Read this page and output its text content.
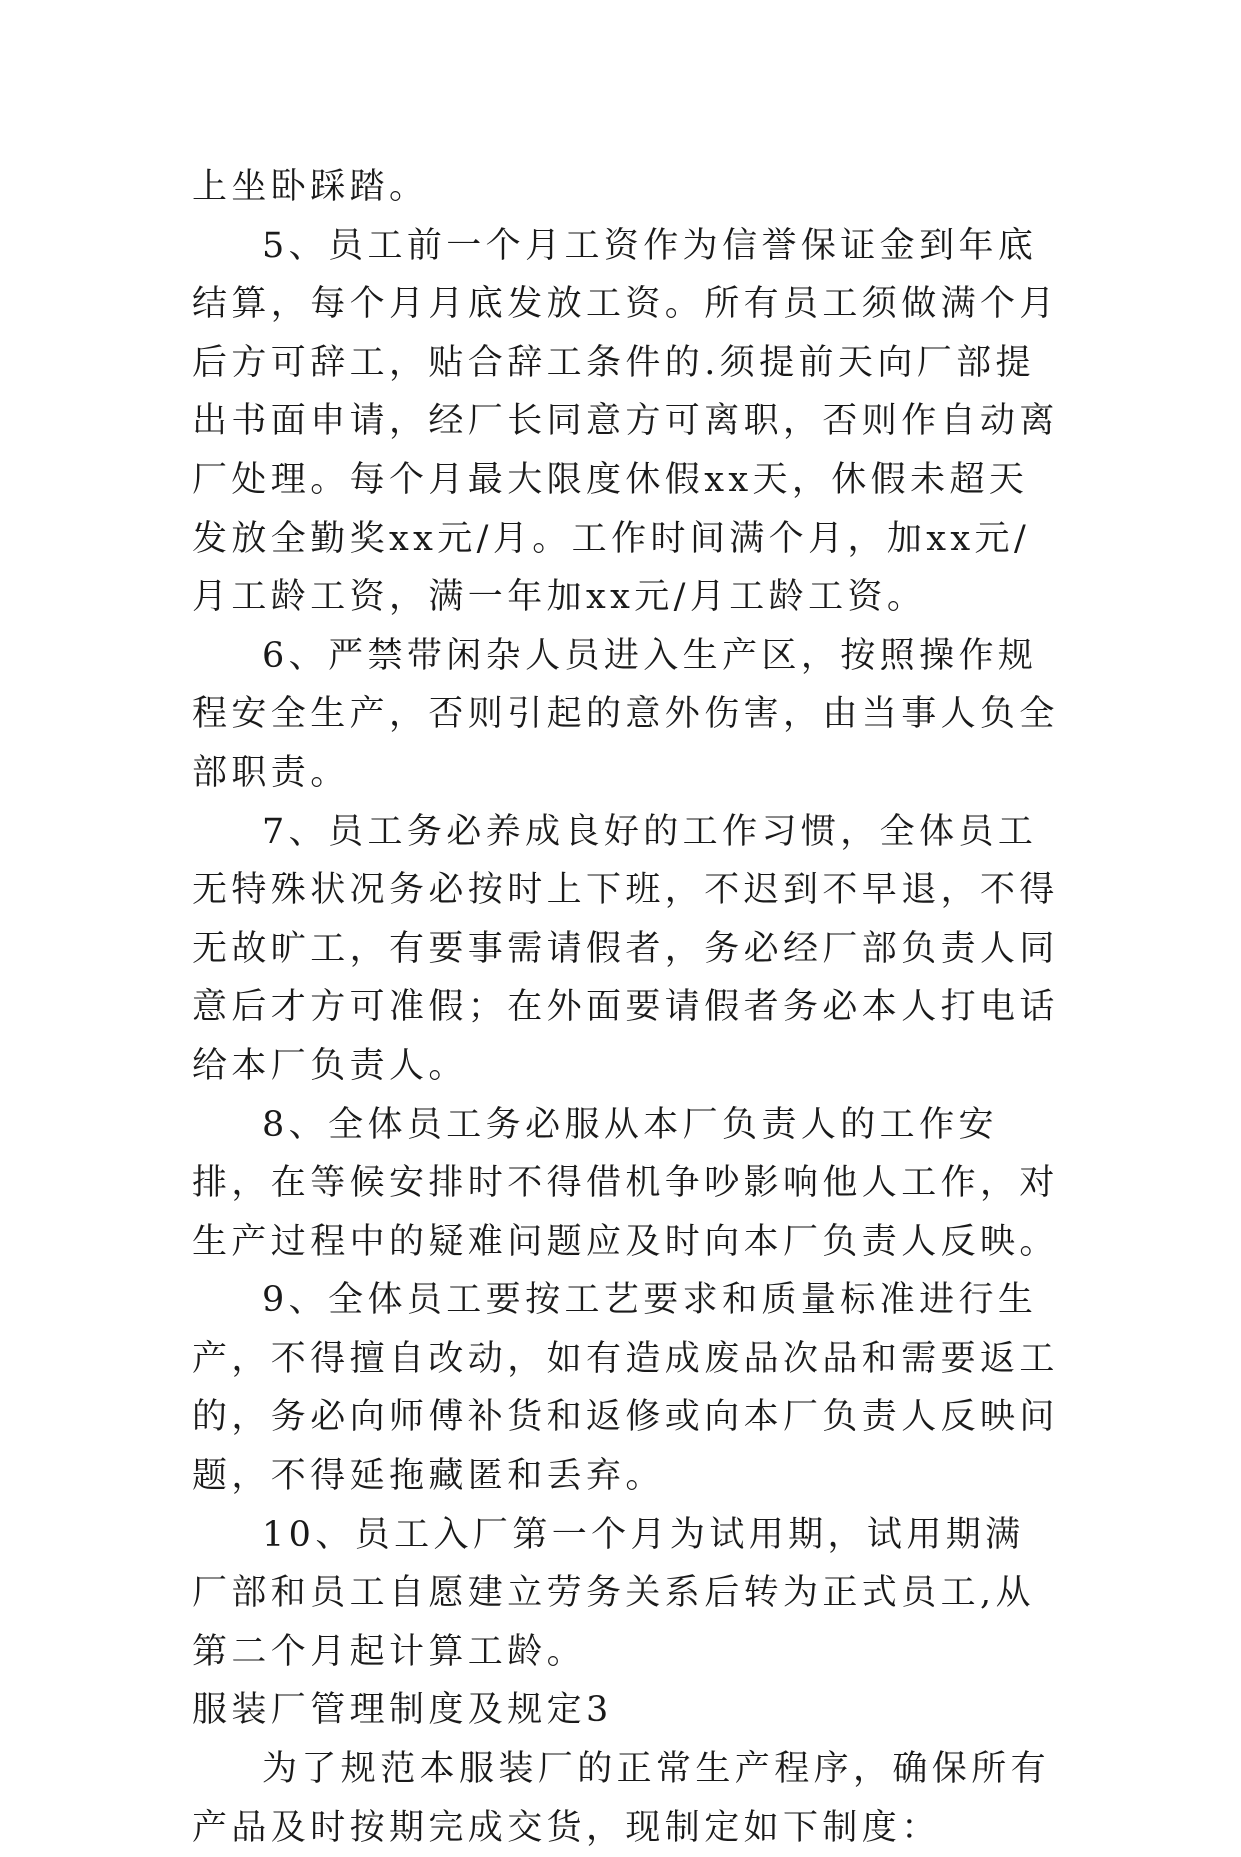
上坐卧踩踏。

5、员工前一个月工资作为信誉保证金到年底结算，每个月月底发放工资。所有员工须做满个月后方可辞工，贴合辞工条件的.须提前天向厂部提出书面申请，经厂长同意方可离职，否则作自动离厂处理。每个月最大限度休假xx天，休假未超天发放全勤奖xx元/月。工作时间满个月，加xx元/月工龄工资，满一年加xx元/月工龄工资。

6、严禁带闲杂人员进入生产区，按照操作规程安全生产，否则引起的意外伤害，由当事人负全部职责。

7、员工务必养成良好的工作习惯，全体员工无特殊状况务必按时上下班，不迟到不早退，不得无故旷工，有要事需请假者，务必经厂部负责人同意后才方可准假；在外面要请假者务必本人打电话给本厂负责人。

8、全体员工务必服从本厂负责人的工作安排，在等候安排时不得借机争吵影响他人工作，对生产过程中的疑难问题应及时向本厂负责人反映。

9、全体员工要按工艺要求和质量标准进行生产，不得擅自改动，如有造成废品次品和需要返工的，务必向师傅补货和返修或向本厂负责人反映问题，不得延拖藏匿和丢弃。

10、员工入厂第一个月为试用期，试用期满厂部和员工自愿建立劳务关系后转为正式员工,从第二个月起计算工龄。

服装厂管理制度及规定3

为了规范本服装厂的正常生产程序，确保所有产品及时按期完成交货，现制定如下制度：
